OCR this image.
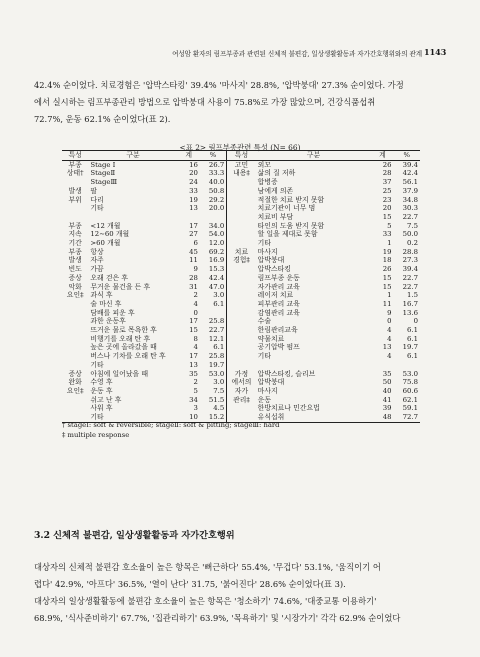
여성암 환자의 림프부종과 관련된 신체적 불편감, 일상생활활동과 자가간호행위와의 관계 1143
42.4% 순이었다. 치료경험은 '압박스타킹' 39.4% '마사지' 28.8%, '압박붕대' 27.3% 순이었다. 가정
에서 실시하는 림프부종관리 방법으로 압박붕대 사용이 75.8%로 가장 많았으며, 건강식품섭취
72.7%, 운동 62.1% 순이었다(표 2).
<표 2> 림프부종관련 특성 (N= 66)
특성	구분	계	%	특성	구분	계	%
부종	Stage Ⅰ	16	26.7	고민	외모	26	39.4
상태†	StageⅡ	20	33.3	내용‡	삶의 질 저하	28	42.4
	StageⅢ	24	40.0		합병증	37	56.1
발생	팔	33	50.8		남에게 의존	25	37.9
부위	다리	19	29.2		적절한 치료 받지 못함	23	34.8
	기타	13	20.0		치료기관이 너무 멈	20	30.3
					치료비 부담	15	22.7
부종	<12 개월	17	34.0		타인의 도움 받지 못함	5	7.5
지속	12∼60 개월	27	54.0		할 일을 제대로 못함	33	50.0
기간	>60 개월	6	12.0		기타	1	0.2
부종	항상	45	69.2	치료	마사지	19	28.8
발생	자주	11	16.9	경험‡	압박붕대	18	27.3
빈도	가끔	9	15.3		압박스타킹	26	39.4
증상	오래 걷은 후	28	42.4		림프부종 운동	15	22.7
악화	무거운 물건을 든 후	31	47.0		자가관리 교육	15	22.7
요인‡	과식 후	2	3.0		레이저 치료	1	1.5
	술 마신 후	4	6.1		피부관리 교육	11	16.7
	담배를 피운 후	0			감염관리 교육	9	13.6
	과한 운동후	17	25.8		수술	0	0
	뜨거운 물로 목욕한 후	15	22.7		한림관리교육	4	6.1
	비행기를 오래 탄 후	8	12.1		약물치료	4	6.1
	높은 곳에 올라갔을 때	4	6.1		공기압박 펌프	13	19.7
	버스나 기차를 오래 탄 후	17	25.8		기타	4	6.1
	기타	13	19.7				
증상	아침에 일어났을 때	35	53.0	가정	압박스타킹, 슬리브	35	53.0
완화	수영 후	2	3.0	에서의	압박붕대	50	75.8
요인‡	운동 후	5	7.5	자가	마사지	40	60.6
	쉬고 난 후	34	51.5	관리‡	운동	41	62.1
	사워 후	3	4.5		한방치료나 민간요법	39	59.1
	기타	10	15.2		유식섭취	48	72.7
† stageⅠ: soft & reversible; stageⅡ: soft & pitting; stageⅢ: hard
‡ multiple response
3.2 신체적 불편감, 일상생활활동과 자가간호행위
대상자의 신체적 불편감 호소율이 높은 항목은 '뻐근하다' 55.4%, '무겁다' 53.1%, '움직이기 어
렵다' 42.9%, '아프다' 36.5%, '열이 난다' 31.75, '붉어진다' 28.6% 순이었다(표 3).
대상자의 일상생활활동에 불편감 호소율이 높은 항목은 '청소하기' 74.6%, '대중교통 이용하기'
68.9%, '식사준비하기' 67.7%, '집관리하기' 63.9%, '목욕하기' 및 '시장가기' 각각 62.9% 순이었다
